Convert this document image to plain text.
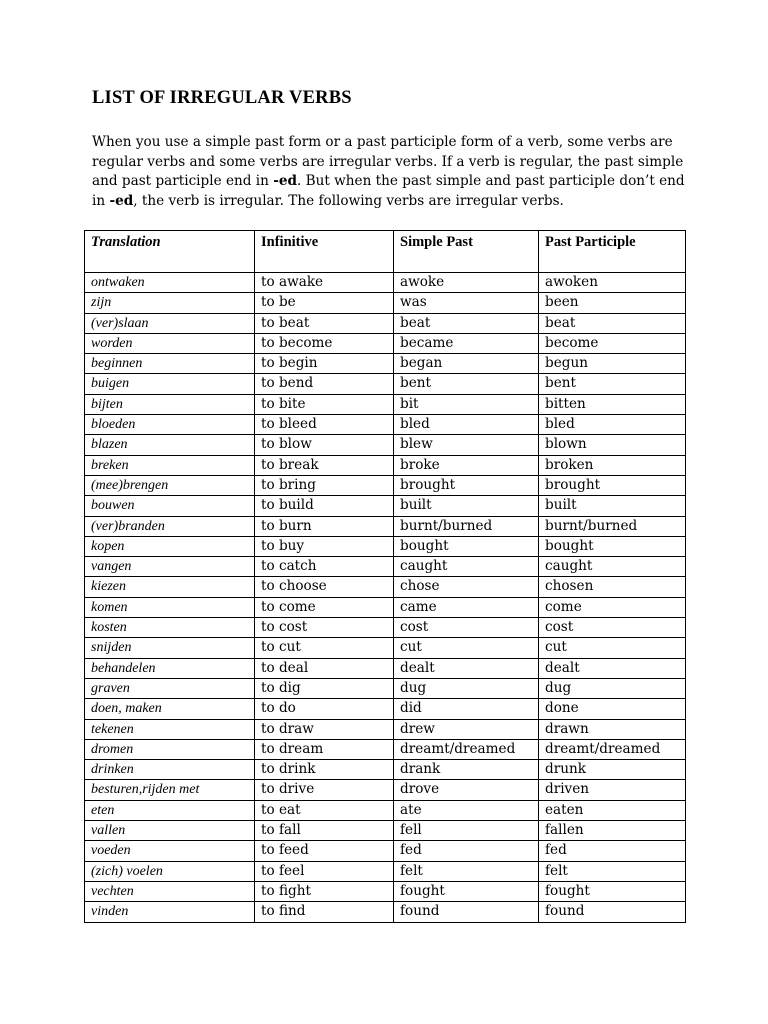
LIST OF IRREGULAR VERBS

When you use a simple past form or a past participle form of a verb, some verbs are

regular verbs and some verbs are irregular verbs. If a verb is regular, the past simple

and past participle end in -ed. But when the past simple and past participle don’t end

in -ed, the verb is irregular. The following verbs are irregular verbs.

Translation	Infinitive	Simple Past	Past Participle
ontwaken	to awake	awoke	awoken
zijn	to be	was	been
(ver)slaan	to beat	beat	beat
worden	to become	became	become
beginnen	to begin	began	begun
buigen	to bend	bent	bent
bijten	to bite	bit	bitten
bloeden	to bleed	bled	bled
blazen	to blow	blew	blown
breken	to break	broke	broken
(mee)brengen	to bring	brought	brought
bouwen	to build	built	built
(ver)branden	to burn	burnt/burned	burnt/burned
kopen	to buy	bought	bought
vangen	to catch	caught	caught
kiezen	to choose	chose	chosen
komen	to come	came	come
kosten	to cost	cost	cost
snijden	to cut	cut	cut
behandelen	to deal	dealt	dealt
graven	to dig	dug	dug
doen, maken	to do	did	done
tekenen	to draw	drew	drawn
dromen	to dream	dreamt/dreamed	dreamt/dreamed
drinken	to drink	drank	drunk
besturen,rijden met	to drive	drove	driven
eten	to eat	ate	eaten
vallen	to fall	fell	fallen
voeden	to feed	fed	fed
(zich) voelen	to feel	felt	felt
vechten	to fight	fought	fought
vinden	to find	found	found
